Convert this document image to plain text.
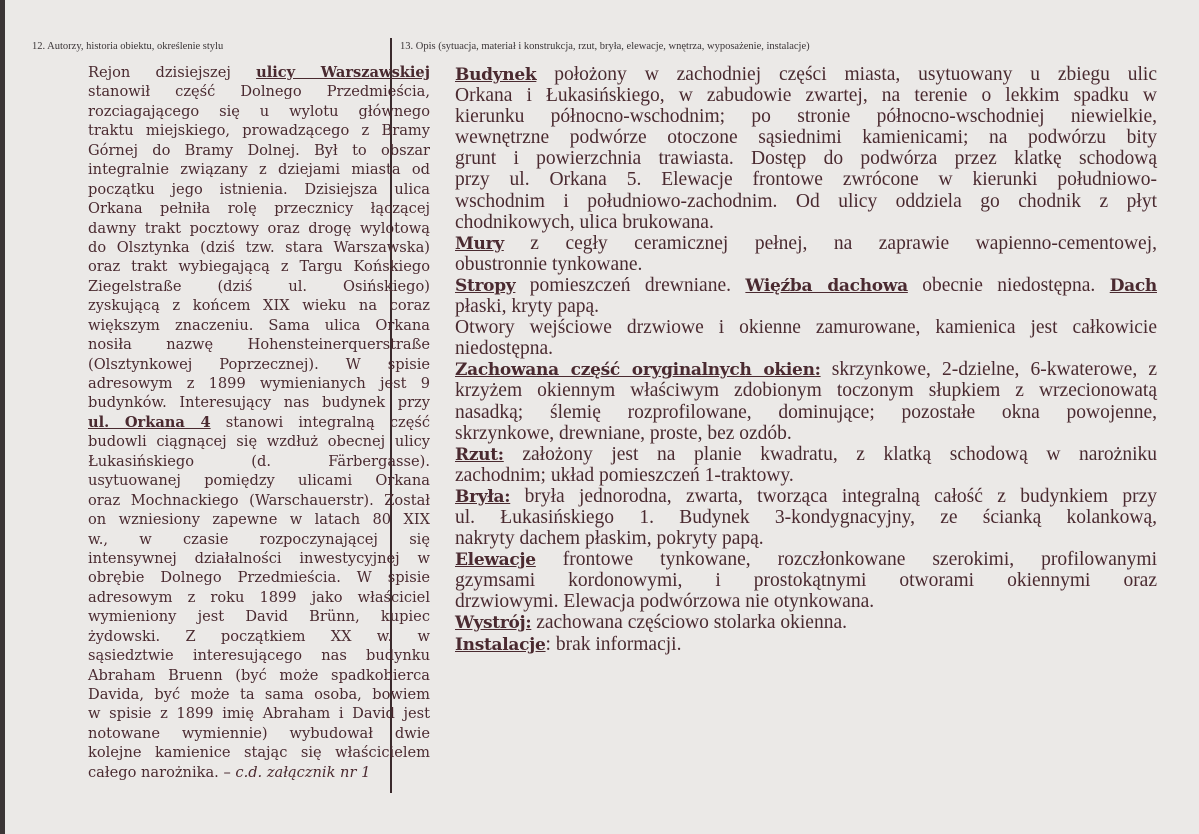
12. Autorzy, historia obiektu, określenie stylu	13. Opis (sytuacja, materiał i konstrukcja, rzut, bryła, elewacje, wnętrza, wyposażenie, instalacje)
Rejon dzisiejszej ulicy Warszawskiej
stanowił część Dolnego Przedmieścia,
rozciagającego się u wylotu głównego
traktu miejskiego, prowadzącego z Bramy
Górnej do Bramy Dolnej. Był to obszar
integralnie związany z dziejami miasta od
początku jego istnienia. Dzisiejsza ulica
Orkana pełniła rolę przecznicy łączącej
dawny trakt pocztowy oraz drogę wylotową
do Olsztynka (dziś tzw. stara Warszawska)
oraz trakt wybiegającą z Targu Końskiego
Ziegelstraße (dziś ul. Osińskiego)
zyskującą z końcem XIX wieku na coraz
większym znaczeniu. Sama ulica Orkana
nosiła nazwę Hohensteinerquerstraße
(Olsztynkowej Poprzecznej). W spisie
adresowym z 1899 wymienianych jest 9
budynków. Interesujący nas budynek przy
ul. Orkana 4 stanowi integralną część
budowli ciągnącej się wzdłuż obecnej ulicy
Łukasińskiego (d. Färbergasse).
usytuowanej pomiędzy ulicami Orkana
oraz Mochnackiego (Warschauerstr). Został
on wzniesiony zapewne w latach 80 XIX
w., w czasie rozpoczynającej się
intensywnej działalności inwestycyjnej w
obrębie Dolnego Przedmieścia. W spisie
adresowym z roku 1899 jako właściciel
wymieniony jest David Brünn, kupiec
żydowski. Z początkiem XX w. w
sąsiedztwie interesującego nas budynku
Abraham Bruenn (być może spadkobierca
Davida, być może ta sama osoba, bowiem
w spisie z 1899 imię Abraham i David jest
notowane wymiennie) wybudował dwie
kolejne kamienice stając się właścicielem
całego narożnika. – c.d. załącznik nr 1
Budynek położony w zachodniej części miasta, usytuowany u zbiegu ulic
Orkana i Łukasińskiego, w zabudowie zwartej, na terenie o lekkim spadku w
kierunku północno-wschodnim; po stronie północno-wschodniej niewielkie,
wewnętrzne podwórze otoczone sąsiednimi kamienicami; na podwórzu bity
grunt i powierzchnia trawiasta. Dostęp do podwórza przez klatkę schodową
przy ul. Orkana 5. Elewacje frontowe zwrócone w kierunki południowo-
wschodnim i południowo-zachodnim. Od ulicy oddziela go chodnik z płyt
chodnikowych, ulica brukowana.
Mury z cegły ceramicznej pełnej, na zaprawie wapienno-cementowej,
obustronnie tynkowane.
Stropy pomieszczeń drewniane. Więźba dachowa obecnie niedostępna. Dach
płaski, kryty papą.
Otwory wejściowe drzwiowe i okienne zamurowane, kamienica jest całkowicie
niedostępna.
Zachowana część oryginalnych okien: skrzynkowe, 2-dzielne, 6-kwaterowe, z
krzyżem okiennym właściwym zdobionym toczonym słupkiem z wrzecionowatą
nasadką; ślemię rozprofilowane, dominujące; pozostałe okna powojenne,
skrzynkowe, drewniane, proste, bez ozdób.
Rzut: założony jest na planie kwadratu, z klatką schodową w narożniku
zachodnim; układ pomieszczeń 1-traktowy.
Bryła: bryła jednorodna, zwarta, tworząca integralną całość z budynkiem przy
ul. Łukasińskiego 1. Budynek 3-kondygnacyjny, ze ścianką kolankową,
nakryty dachem płaskim, pokryty papą.
Elewacje frontowe tynkowane, rozczłonkowane szerokimi, profilowanymi
gzymsami kordonowymi, i prostokątnymi otworami okiennymi oraz
drzwiowymi. Elewacja podwórzowa nie otynkowana.
Wystrój: zachowana częściowo stolarka okienna.
Instalacje: brak informacji.
